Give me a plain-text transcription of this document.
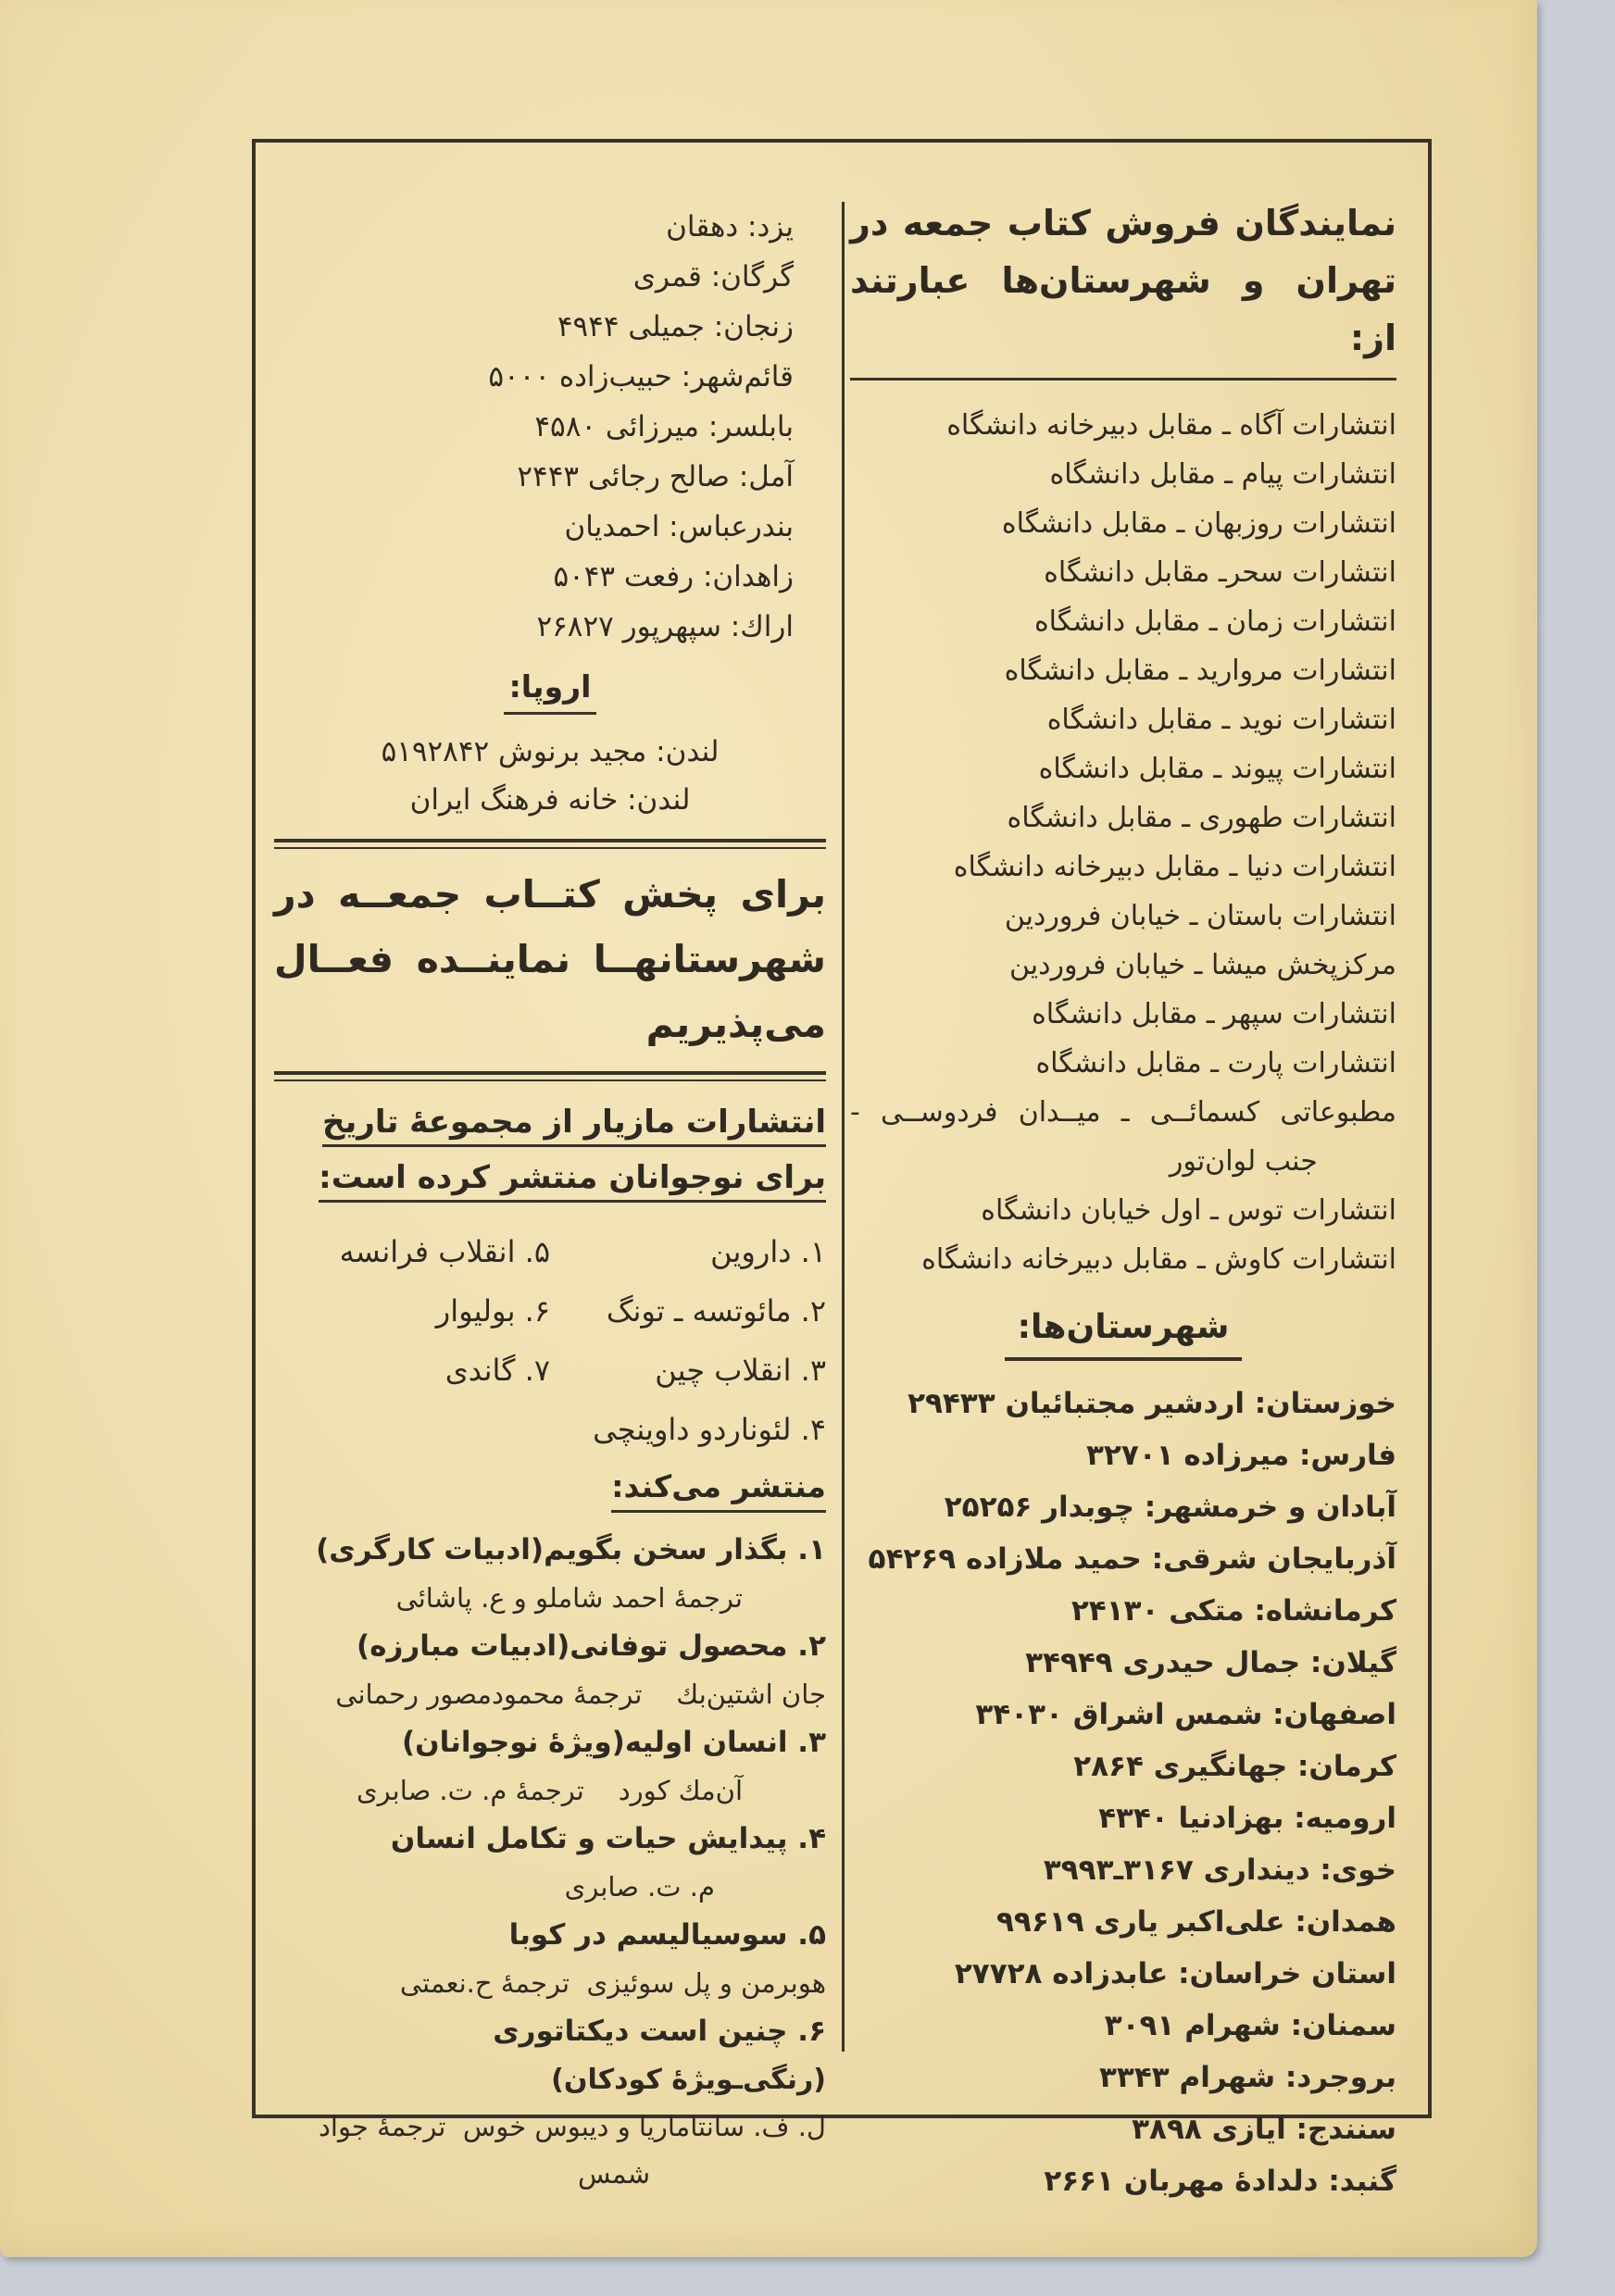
نمایندگان فروش کتاب جمعه در
تهران و شهرستان‌ها عبارتند از:
انتشارات آگاه ـ مقابل دبیرخانه دانشگاه
انتشارات پیام ـ مقابل دانشگاه
انتشارات روزبهان ـ مقابل دانشگاه
انتشارات سحرـ مقابل دانشگاه
انتشارات زمان ـ مقابل دانشگاه
انتشارات مروارید ـ مقابل دانشگاه
انتشارات نوید ـ مقابل دانشگاه
انتشارات پیوند ـ مقابل دانشگاه
انتشارات طهوری ـ مقابل دانشگاه
انتشارات دنیا ـ مقابل دبیرخانه دانشگاه
انتشارات باستان ـ خیابان فروردین
مرکزپخش میشا ـ خیابان فروردین
انتشارات سپهر ـ مقابل دانشگاه
انتشارات پارت ـ مقابل دانشگاه
مطبوعاتی کسمائــی ـ میــدان فردوســی -
جنب لوان‌تور
انتشارات توس ـ اول خیابان دانشگاه
انتشارات کاوش ـ مقابل دبیرخانه دانشگاه
شهرستان‌ها:
خوزستان: اردشیر مجتبائیان ۲۹۴۳۳
فارس: میرزاده ۳۲۷۰۱
آبادان و خرمشهر: چوبدار ۲۵۲۵۶
آذربایجان شرقی: حمید ملازاده ۵۴۲۶۹
کرمانشاه: متکی ۲۴۱۳۰
گیلان: جمال حیدری ۳۴۹۴۹
اصفهان: شمس اشراق ۳۴۰۳۰
کرمان: جهانگیری ۲۸۶۴
ارومیه: بهزادنیا ۴۳۴۰
خوی: دینداری ۳۱۶۷ـ۳۹۹۳
همدان: علی‌اکبر یاری ۹۹۶۱۹
استان خراسان: عابدزاده ۲۷۷۲۸
سمنان: شهرام ۳۰۹۱
بروجرد: شهرام ۳۳۴۳
سنندج: ایازی ۳۸۹۸
گنبد: دلدادهٔ مهربان ۲۶۶۱
یزد: دهقان
گرگان: قمری
زنجان: جمیلی ۴۹۴۴
قائم‌شهر: حبیب‌زاده ۵۰۰۰
بابلسر: میرزائی ۴۵۸۰
آمل: صالح رجائی ۲۴۴۳
بندرعباس: احمدیان
زاهدان: رفعت ۵۰۴۳
اراك: سپهرپور ۲۶۸۲۷
اروپا:
لندن: مجید برنوش ۵۱۹۲۸۴۲
لندن: خانه فرهنگ ایران
برای پخش کتــاب جمعــه در
شهرستانهــا نماینــده فعــال
می‌پذیریم
انتشارات مازیار از مجموعهٔ تاریخ
برای نوجوانان منتشر کرده است:
۱. داروین
۲. مائوتسه ـ تونگ
۳. انقلاب چین
۴. لئوناردو داوینچی
۵. انقلاب فرانسه
۶. بولیوار
۷. گاندی
منتشر می‌کند:
۱. بگذار سخن بگویم(ادبیات کارگری)
ترجمهٔ احمد شاملو و ع. پاشائی
۲. محصول توفانی(ادبیات مبارزه)
جان اشتین‌بك    ترجمهٔ محمودمصور رحمانی
۳. انسان اولیه(ویژهٔ نوجوانان)
آن‌مك كورد    ترجمهٔ م. ت. صابری
۴. پیدایش حیات و تکامل انسان
م. ت. صابری
۵. سوسیالیسم در کوبا
هوبرمن و پل سوئیزی  ترجمهٔ ح.نعمتی
۶. چنین است دیکتاتوری
(رنگی‌ـویژهٔ کودکان)
ل. ف. سانتاماریا و دیبوس خوس  ترجمهٔ جواد
شمس
